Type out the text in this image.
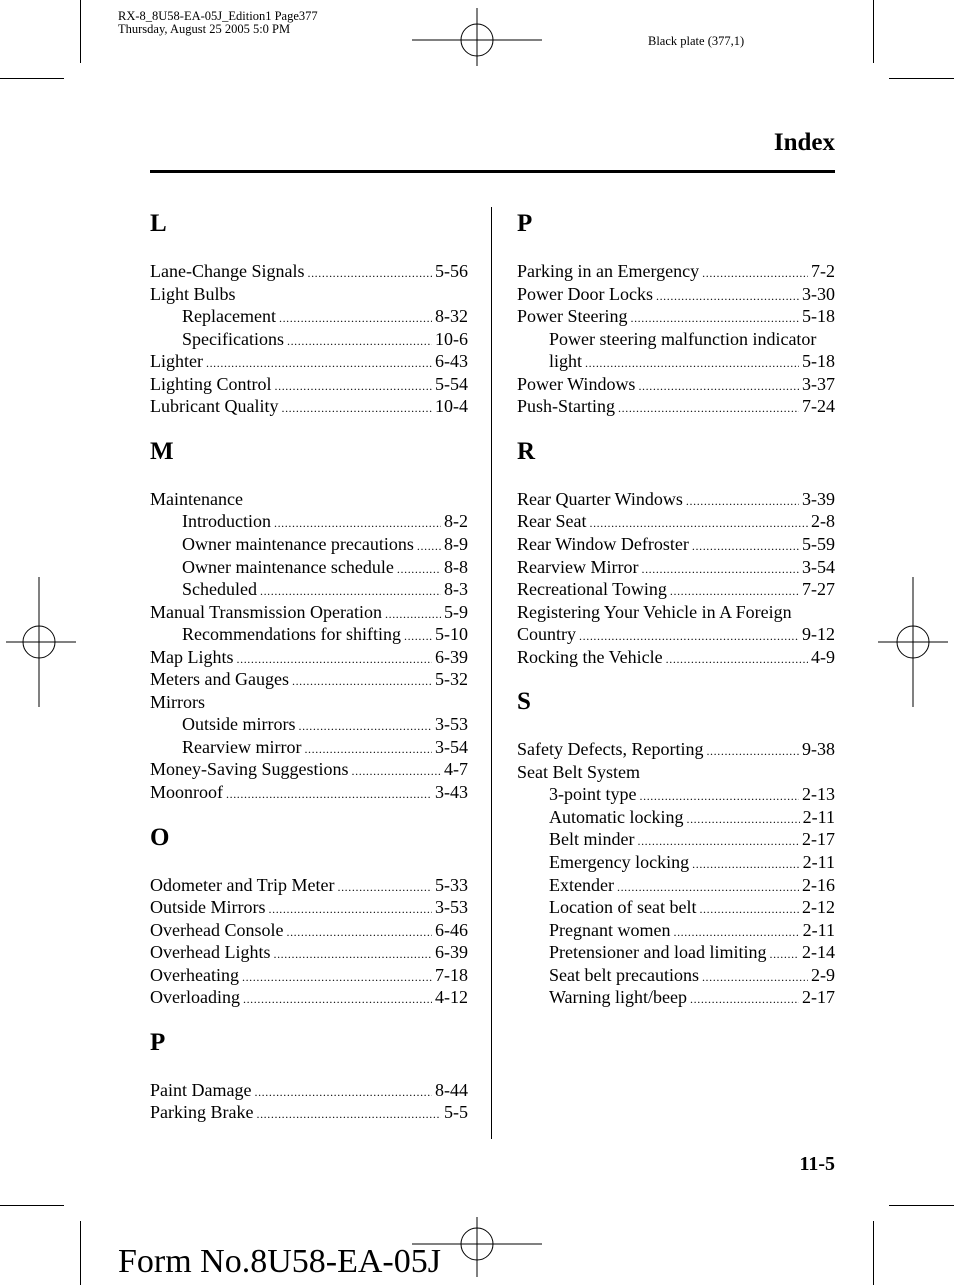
RX-8_8U58-EA-05J_Edition1 Page377
Thursday, August 25 2005 5:0 PM
Black plate (377,1)
Index
L
Lane-Change Signals . . .	5-56
Light Bulbs
Replacement . . .	8-32
Specifications . . .	10-6
Lighter . . .	6-43
Lighting Control . . .	5-54
Lubricant Quality . . .	10-4
M
Maintenance
Introduction . . .	8-2
Owner maintenance precautions . . . 8-9
Owner maintenance schedule . . .	8-8
Scheduled . . .	8-3
Manual Transmission Operation . . .	5-9
Recommendations for shifting . . . 5-10
Map Lights . . .	6-39
Meters and Gauges . . .	5-32
Mirrors
Outside mirrors . . .	3-53
Rearview mirror . . .	3-54
Money-Saving Suggestions . . .	4-7
Moonroof . . .	3-43
O
Odometer and Trip Meter . . .	5-33
Outside Mirrors . . .	3-53
Overhead Console . . .	6-46
Overhead Lights . . .	6-39
Overheating . . .	7-18
Overloading . . .	4-12
P
Paint Damage . . .	8-44
Parking Brake . . .	5-5
P
Parking in an Emergency . . .	7-2
Power Door Locks . . .	3-30
Power Steering . . .	5-18
Power steering malfunction indicator
light . . .	5-18
Power Windows . . .	3-37
Push-Starting . . .	7-24
R
Rear Quarter Windows . . .	3-39
Rear Seat . . .	2-8
Rear Window Defroster . . .	5-59
Rearview Mirror . . .	3-54
Recreational Towing . . .	7-27
Registering Your Vehicle in A Foreign
Country . . .	9-12
Rocking the Vehicle . . .	4-9
S
Safety Defects, Reporting . . .	9-38
Seat Belt System
3-point type . . .	2-13
Automatic locking . . .	2-11
Belt minder . . .	2-17
Emergency locking . . .	2-11
Extender . . .	2-16
Location of seat belt . . .	2-12
Pregnant women . . .	2-11
Pretensioner and load limiting . . . 2-14
Seat belt precautions . . .	2-9
Warning light/beep . . .	2-17
11-5
Form No.8U58-EA-05J
